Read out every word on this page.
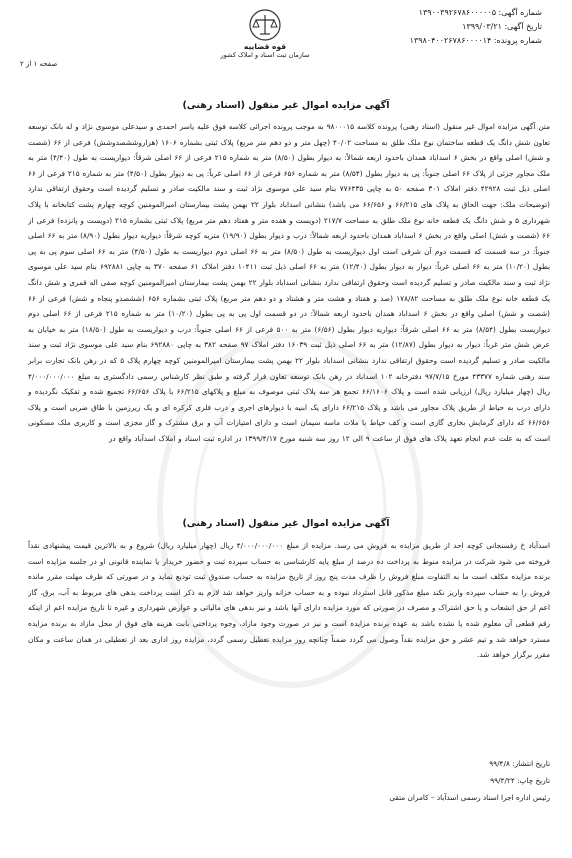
شماره آگهی: ۱۳۹۰۰۳۹۲۶۷۸۶۰۰۰۰۰۵
تاریخ آگهی: ۱۳۹۹/۰۳/۲۱
شماره پرونده: ۱۳۹۸۰۴۰۰۲۶۷۸۶۰۰۰۰۱۴
قوه قضاییه
سازمان ثبت اسناد و املاک کشور
صفحه ۱ از ۲
آگهی مزایده اموال غیر منقول (اسناد رهنی)
متن آگهی مزایده اموال غیر منقول (اسناد رهنی) پرونده کلاسه ۹۸۰۰۰۱۵ به موجب پرونده اجرائی کلاسه فوق علیه یاسر احمدی و سیدعلی موسوی نژاد و له بانک توسعه تعاون شش دانگ یک قطعه ساختمان نوع ملک طلق به مساحت ۴۰/۰۲ (چهل متر و دو دهم متر مربع) پلاک ثبتی بشماره ۱۶۰۶ (هزاروششصدوشش) فرعی از ۶۶ (شصت و شش) اصلی واقع در بخش ۶ اسداباد همدان باحدود اربعه شمالاً: به دیوار بطول (۸/۵۰) متر به شماره ۲۱۵ فرعی از ۶۶ اصلی شرقاً: دیواریست به طول (۴/۴۰) متر به ملک مجاور جزئی از پلاک ۶۶ اصلی جنوباً: پی به دیوار بطول (۸/۵۴) متر به شماره ۶۵۶ فرعی از ۶۶ اصلی غرباً: پی به دیوار بطول (۴/۵۰) متر به شماره ۲۱۵ فرعی از ۶۶ اصلی ذیل ثبت ۴۲۹۲۸ دفتر املاک ۳۰۱ صفحه ۵۰ به چاپی ۷۷۶۴۳۵ بنام سید علی موسوی نژاد ثبت و سند مالکیت صادر و تسلیم گردیده است وحقوق ارتفاقی ندارد (توضیحات ملک: جهت الحاق به پلاک های ۶۶/۲۱۵ و ۶۶/۶۵۶ می باشد) بنشانی اسداباد بلوار ۲۲ بهمن پشت بیمارستان امیرالمومنین کوچه چهارم پشت کتابخانه با پلاک شهرداری ۵ و شش دانگ یک قطعه خانه نوع ملک طلق به مساحت ۲۱۷/۷ (دویست و هفده متر و هفتاد دهم متر مربع) پلاک ثبتی بشماره ۲۱۵ (دویست و پانزده) فرعی از ۶۶ (شصت و شش) اصلی واقع در بخش ۶ اسداباد همدان باحدود اربعه شمالاً: درب و دیوار بطول (۱۹/۹۰) متریه کوچه شرقاً: دیواریه دیوار بطول (۸/۹۰) متر به ۶۶ اصلی جنوباً: در سه قسمت که قسمت دوم آن شرقی است اول دیواریست به طول (۸/۵۰) متر به ۶۶ اصلی دوم دیواریست به طول (۴/۵۰) متر به ۶۶ اصلی سوم پی به پی بطول (۱۰/۲۰) متر به ۶۶ اصلی غرباً: دیوار به دیوار بطول (۱۲/۴۰) متر به ۶۶ اصلی ذیل ثبت ۱۰۴۱۱ دفتر املاک ۶۱ صفحه ۳۷۰ به چاپی ۶۹۲۸۸۱ بنام سید علی موسوی نژاد ثبت و سند مالکیت صادر و تسلیم گردیده است وحقوق ارتفاقی ندارد بنشانی اسداباد بلوار ۲۲ بهمن پشت بیمارستان امیرالمومنین کوچه صفی اله قمری و شش دانگ یک قطعه خانه نوع ملک طلق به مساحت ۱۷۸/۸۲ (صد و هفتاد و هشت متر و هشتاد و دو دهم متر مربع) پلاک ثبتی بشماره ۶۵۶ (ششصدو پنجاه و شش) فرعی از ۶۶ (شصت و شش) اصلی واقع در بخش ۶ اسداباد همدان باحدود اربعه شمالاً: در دو قسمت اول پی به پی بطول (۱۰/۲۰) متر به شماره ۲۱۵ فرعی از ۶۶ اصلی دوم دیواریست بطول (۸/۵۴) متر به ۶۶ اصلی شرقاً: دیواریه دیوار بطول (۶/۵۶) متر به ۵۰۰ فرعی از ۶۶ اصلی جنوباً: درب و دیواریست به طول (۱۸/۵۰) متر به خیابان به عرض شش متر غرباً: دیوار به دیوار بطول (۱۲/۸۷) متر به ۶۶ اصلی ذیل ثبت ۱۶۰۳۹ دفتر املاک ۹۷ صفحه ۳۸۲ به چاپی ۶۹۲۸۸۰ بنام سید علی موسوی نژاد ثبت و سند مالکیت صادر و تسلیم گردیده است وحقوق ارتفاقی ندارد بنشانی اسداباد بلوار ۲۲ بهمن پشت بیمارستان امیرالمومنین کوچه چهارم پلاک ۵ که در رهن بانک تجارت برابر سند رهنی شماره ۴۳۳۷۷ مورخ ۹۷/۷/۱۵ دفترخانه ۱۰۲ اسداباد در رهن بانک توسعه تعاون قرار گرفته و طبق نظر کارشناس رسمی دادگستری به مبلغ ۴/۰۰۰/۰۰۰/۰۰۰ ریال (چهار میلیارد ریال) ارزیابی شده است و پلاک ۶۶/۱۶۰۶ تجمع هر سه پلاک ثبتی موصوف به مبلغ و پلاکهای ۶۶/۲۱۵ با پلاک ۶۶/۶۵۶ تجمیع شده و تفکیک نگردیده و دارای درب به حیاط از طریق پلاک مجاور می باشد و پلاک ۶۶/۲۱۵ دارای یک ابنیه با دیوارهای اجری و درب فلزی کرکره ای و یک زیرزمین با طاق ضربی است و پلاک ۶۶/۶۵۶ که دارای گرمایش بخاری گازی است و کف حیاط با ملات ماسه سیمان است و دارای امتیازات آب و برق مشترک و گاز مجزی است و کاربری ملک مسکونی است که به علت عدم انجام تعهد پلاک های فوق از ساعت ۹ الی ۱۲ روز سه شنبه مورخ ۱۳۹۹/۴/۱۷ در اداره ثبت اسناد و املاک اسدآباد واقع در
آگهی مزایده اموال غیر منقول (اسناد رهنی)
اسدآباد خ رفسنجانی کوچه احد از طریق مزایده به فروش می رسد. مزایده از مبلغ ۴/۰۰۰/۰۰۰/۰۰۰ ریال (چهار میلیارد ریال) شروع و به بالاترین قیمت پیشنهادی نقداً فروخته می شود شرکت در مزایده منوط به پرداخت ده درصد از مبلغ پایه کارشناسی به حساب سپرده ثبت و حضور خریدار یا نماینده قانونی او در جلسه مزایده است برنده مزایده مکلف است ما به التفاوت مبلغ فروش را ظرف مدت پنج روز از تاریخ مزایده به حساب صندوق ثبت تودیع نماید و در صورتی که ظرف مهلت مقرر مانده فروش را به حساب سپرده واریز نکند مبلغ مذکور قابل استرداد نبوده و به حساب خزانه واریز خواهد شد لازم به ذکر است پرداخت بدهی های مربوط به آب، برق، گاز اعم از حق انشعاب و یا حق اشتراک و مصرف در صورتی که مورد مزایده دارای آنها باشد و نیز بدهی های مالیاتی و عوارض شهرداری و غیره تا تاریخ مزایده اعم از اینکه رقم قطعی آن معلوم شده یا نشده باشد به عهده برنده مزایده است و نیز در صورت وجود مازاد، وجوه پرداختی بابت هزینه های فوق از محل مازاد به برنده مزایده مسترد خواهد شد و تیم عشر و حق مزایده نقداً وصول می گردد ضمناً چنانچه روز مزایده تعطیل رسمی گردد، مزایده روز اداری بعد از تعطیلی در همان ساعت و مکان مقرر برگزار خواهد شد.
تاریخ انتشار: ۹۹/۴/۸
تاریخ چاپ: ۹۹/۴/۲۴
رئیس اداره اجرا اسناد رسمی اسدآباد – کامران متقی
